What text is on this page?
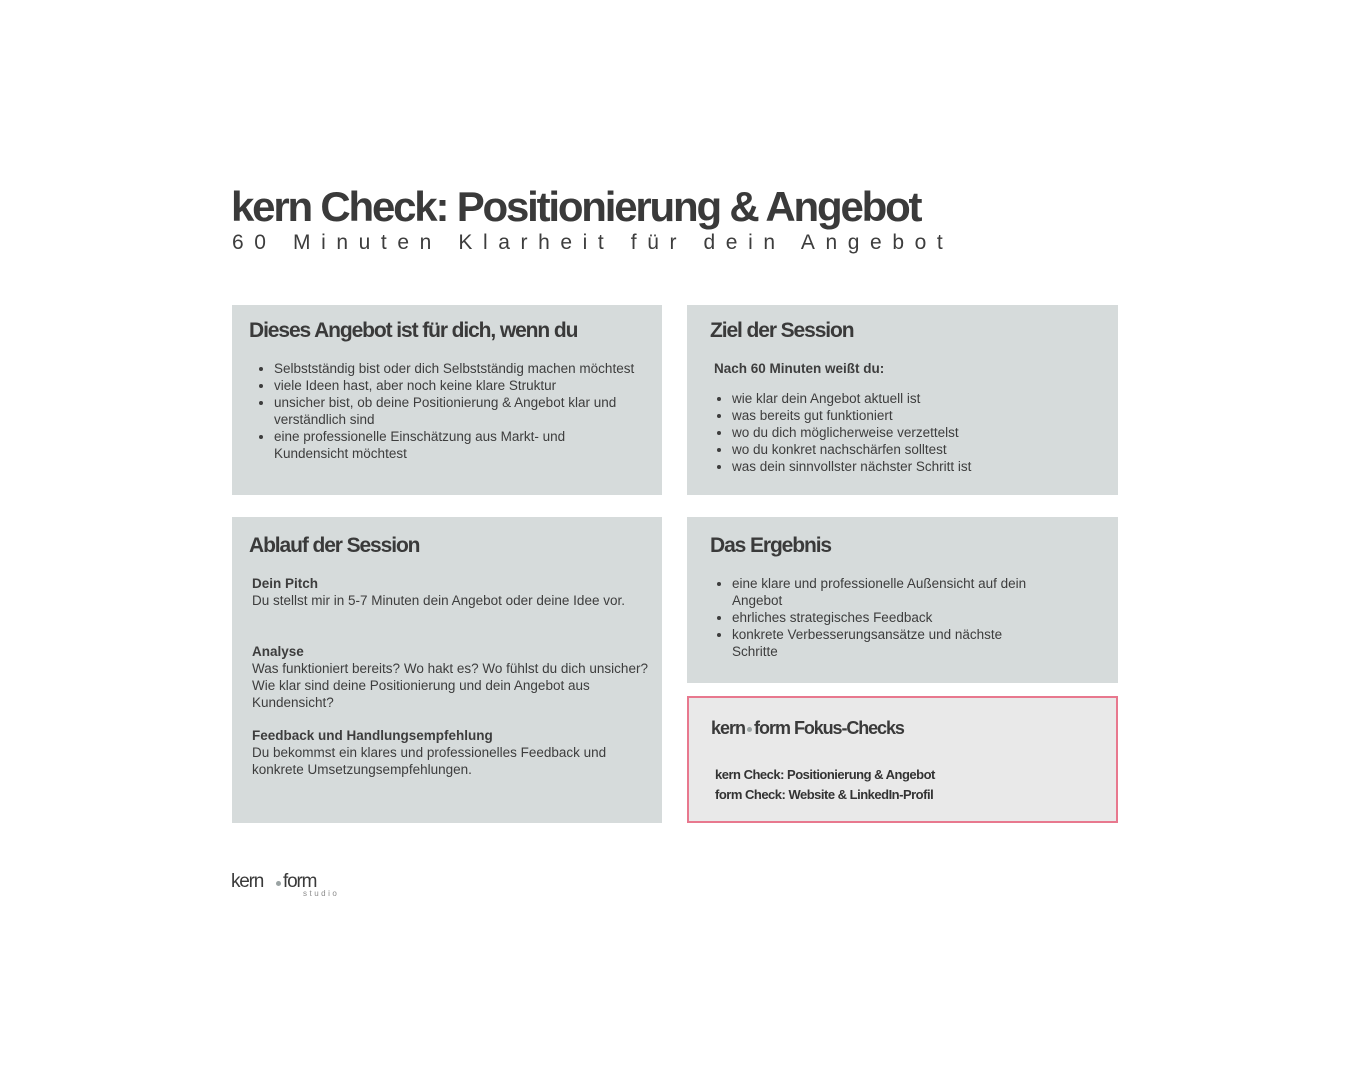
kern Check: Positionierung & Angebot
60 Minuten Klarheit für dein Angebot
Dieses Angebot ist für dich, wenn du
• Selbstständig bist oder dich Selbstständig machen möchtest
• viele Ideen hast, aber noch keine klare Struktur
• unsicher bist, ob deine Positionierung & Angebot klar und verständlich sind
• eine professionelle Einschätzung aus Markt- und Kundensicht möchtest
Ziel der Session
Nach 60 Minuten weißt du:
• wie klar dein Angebot aktuell ist
• was bereits gut funktioniert
• wo du dich möglicherweise verzettelst
• wo du konkret nachschärfen solltest
• was dein sinnvollster nächster Schritt ist
Ablauf der Session
Dein Pitch
Du stellst mir in 5-7 Minuten dein Angebot oder deine Idee vor.
Analyse
Was funktioniert bereits? Wo hakt es? Wo fühlst du dich unsicher? Wie klar sind deine Positionierung und dein Angebot aus Kundensicht?
Feedback und Handlungsempfehlung
Du bekommst ein klares und professionelles Feedback und konkrete Umsetzungsempfehlungen.
Das Ergebnis
• eine klare und professionelle Außensicht auf dein Angebot
• ehrliches strategisches Feedback
• konkrete Verbesserungsansätze und nächste Schritte
kern form Fokus-Checks
kern Check: Positionierung & Angebot
form Check: Website & LinkedIn-Profil
kern form
studio
